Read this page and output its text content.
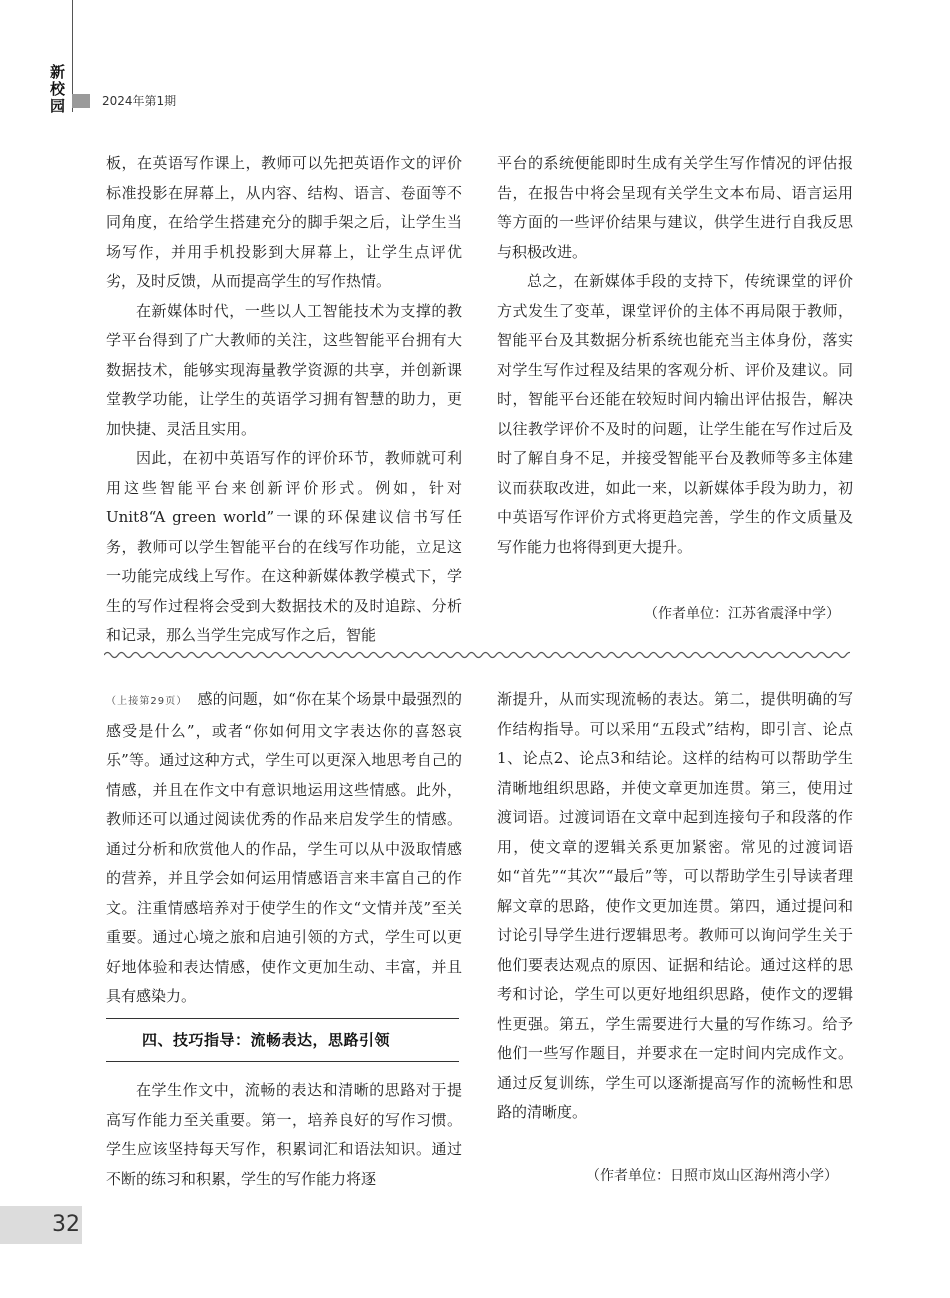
新
校
园	2024年第1期

板，在英语写作课上，教师可以先把英语作文的评价标准投影在屏幕上，从内容、结构、语言、卷面等不同角度，在给学生搭建充分的脚手架之后，让学生当场写作，并用手机投影到大屏幕上，让学生点评优劣，及时反馈，从而提高学生的写作热情。

在新媒体时代，一些以人工智能技术为支撑的教学平台得到了广大教师的关注，这些智能平台拥有大数据技术，能够实现海量教学资源的共享，并创新课堂教学功能，让学生的英语学习拥有智慧的助力，更加快捷、灵活且实用。

因此，在初中英语写作的评价环节，教师就可利用这些智能平台来创新评价形式。例如，针对Unit8“A green world”一课的环保建议信书写任务，教师可以学生智能平台的在线写作功能，立足这一功能完成线上写作。在这种新媒体教学模式下，学生的写作过程将会受到大数据技术的及时追踪、分析和记录，那么当学生完成写作之后，智能

平台的系统便能即时生成有关学生写作情况的评估报告，在报告中将会呈现有关学生文本布局、语言运用等方面的一些评价结果与建议，供学生进行自我反思与积极改进。

总之，在新媒体手段的支持下，传统课堂的评价方式发生了变革，课堂评价的主体不再局限于教师，智能平台及其数据分析系统也能充当主体身份，落实对学生写作过程及结果的客观分析、评价及建议。同时，智能平台还能在较短时间内输出评估报告，解决以往教学评价不及时的问题，让学生能在写作过后及时了解自身不足，并接受智能平台及教师等多主体建议而获取改进，如此一来，以新媒体手段为助力，初中英语写作评价方式将更趋完善，学生的作文质量及写作能力也将得到更大提升。

（作者单位：江苏省震泽中学）

（上接第29页） 感的问题，如“你在某个场景中最强烈的感受是什么”，或者“你如何用文字表达你的喜怒哀乐”等。通过这种方式，学生可以更深入地思考自己的情感，并且在作文中有意识地运用这些情感。此外，教师还可以通过阅读优秀的作品来启发学生的情感。通过分析和欣赏他人的作品，学生可以从中汲取情感的营养，并且学会如何运用情感语言来丰富自己的作文。注重情感培养对于使学生的作文“文情并茂”至关重要。通过心境之旅和启迪引领的方式，学生可以更好地体验和表达情感，使作文更加生动、丰富，并且具有感染力。

四、技巧指导：流畅表达，思路引领

在学生作文中，流畅的表达和清晰的思路对于提高写作能力至关重要。第一，培养良好的写作习惯。学生应该坚持每天写作，积累词汇和语法知识。通过不断的练习和积累，学生的写作能力将逐

渐提升，从而实现流畅的表达。第二，提供明确的写作结构指导。可以采用“五段式”结构，即引言、论点1、论点2、论点3和结论。这样的结构可以帮助学生清晰地组织思路，并使文章更加连贯。第三，使用过渡词语。过渡词语在文章中起到连接句子和段落的作用，使文章的逻辑关系更加紧密。常见的过渡词语如“首先”“其次”“最后”等，可以帮助学生引导读者理解文章的思路，使作文更加连贯。第四，通过提问和讨论引导学生进行逻辑思考。教师可以询问学生关于他们要表达观点的原因、证据和结论。通过这样的思考和讨论，学生可以更好地组织思路，使作文的逻辑性更强。第五，学生需要进行大量的写作练习。给予他们一些写作题目，并要求在一定时间内完成作文。通过反复训练，学生可以逐渐提高写作的流畅性和思路的清晰度。

（作者单位：日照市岚山区海州湾小学）
32
